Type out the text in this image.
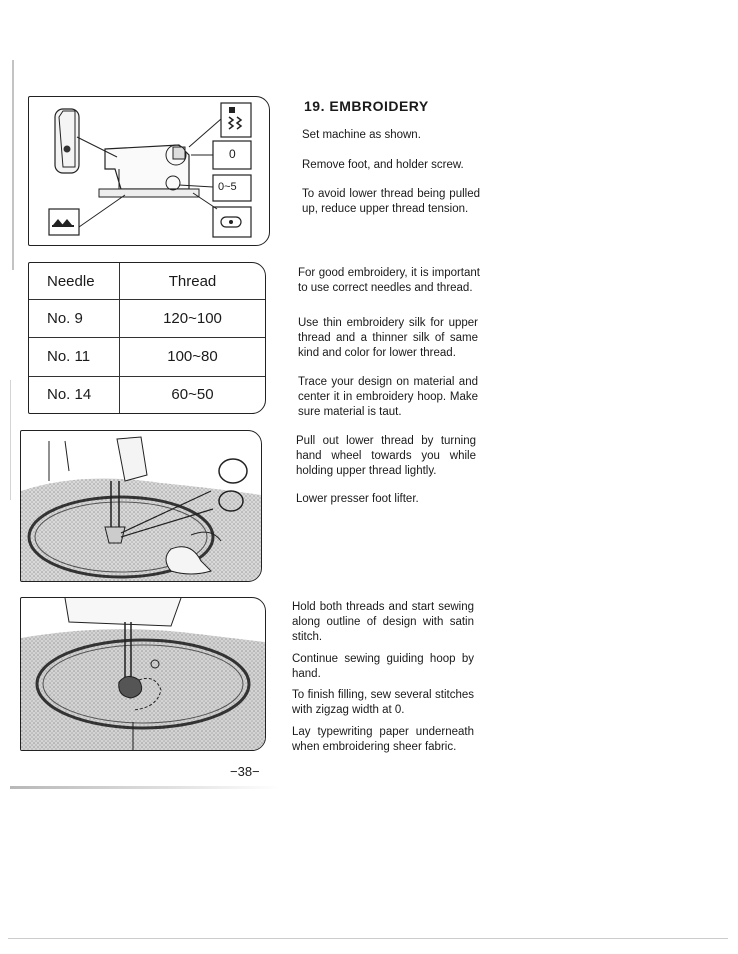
0
0~5
Needle	Thread
No. 9	120~100
No. 11	100~80
No. 14	60~50
19. EMBROIDERY

Set machine as shown.

Remove foot, and holder screw.

To avoid lower thread being pulled up, reduce upper thread tension.

For good embroidery, it is important to use correct needles and thread.

Use thin embroidery silk for upper thread and a thinner silk of same kind and color for lower thread.

Trace your design on material and center it in embroidery hoop. Make sure material is taut.

Pull out lower thread by turning hand wheel towards you while holding upper thread lightly.

Lower presser foot lifter.

Hold both threads and start sewing along outline of design with satin stitch.

Continue sewing guiding hoop by hand.

To finish filling, sew several stitches with zigzag width at 0.

Lay typewriting paper underneath when embroidering sheer fabric.

−38−
